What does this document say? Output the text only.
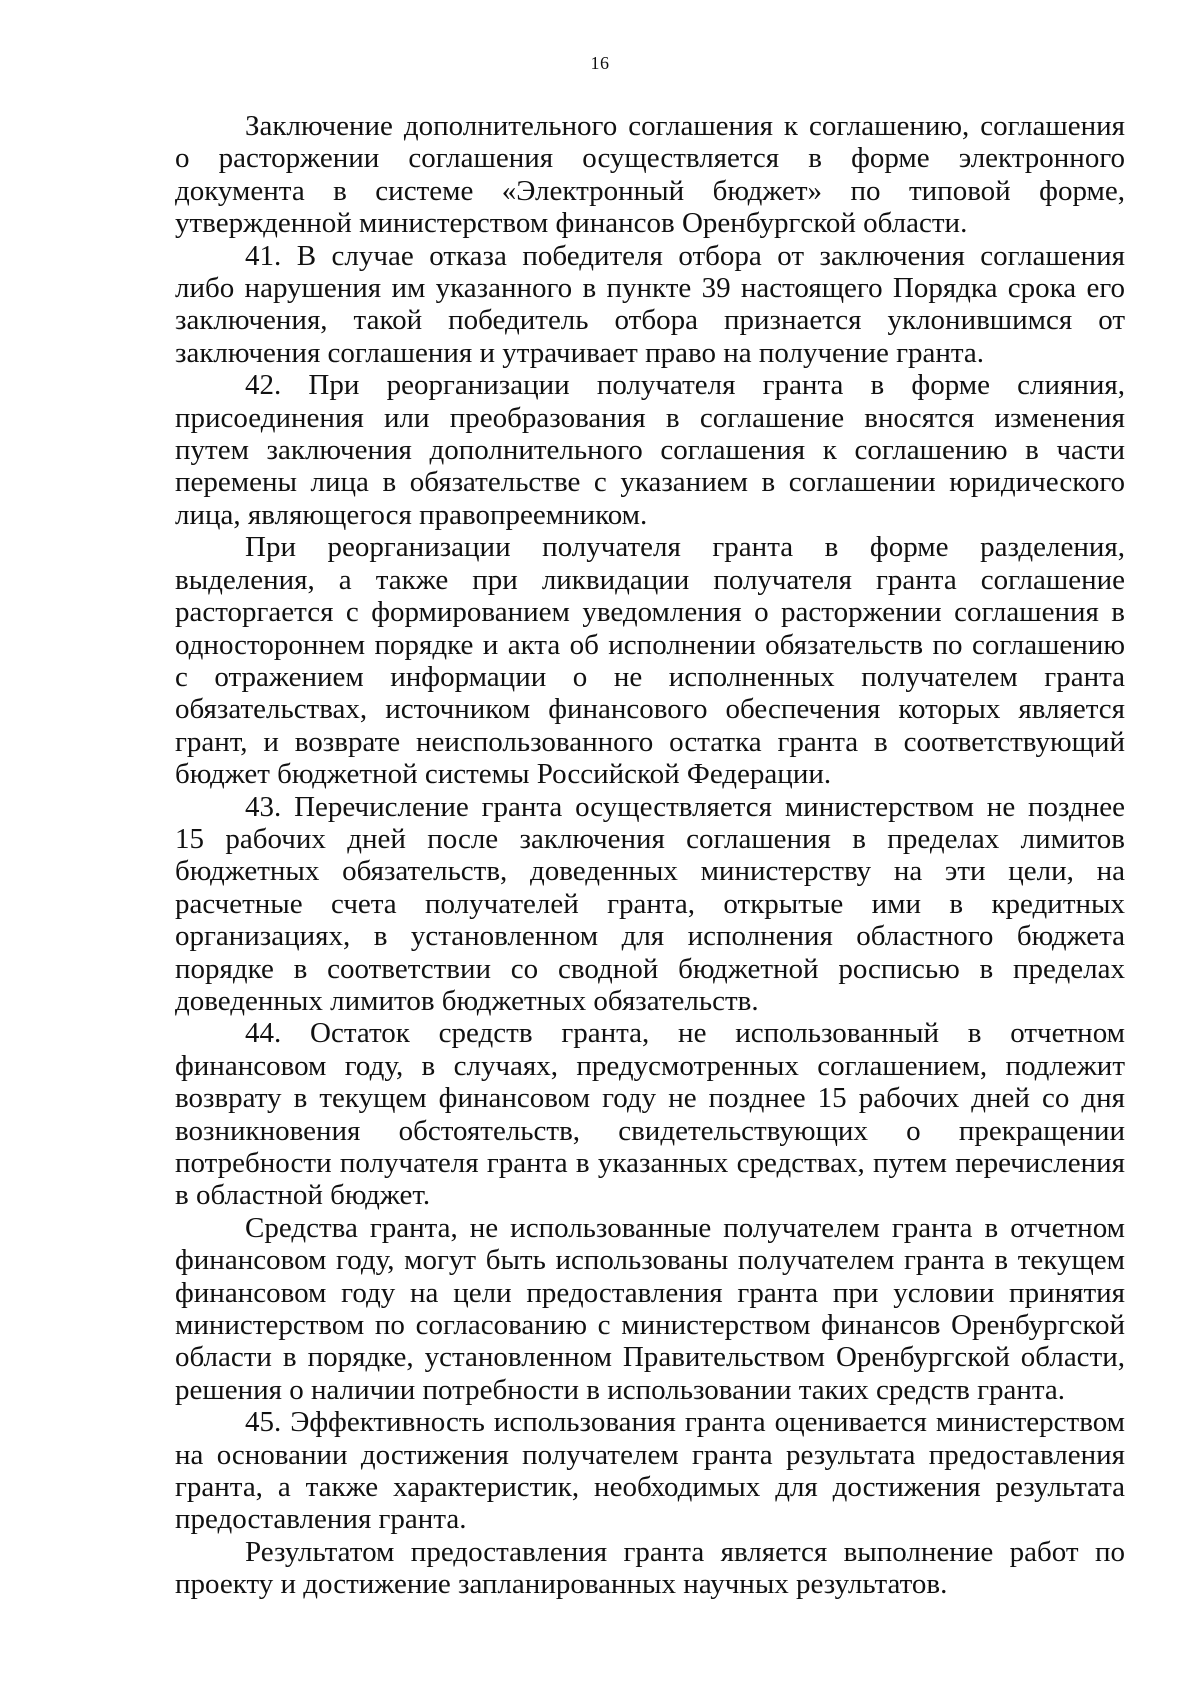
16

Заключение дополнительного соглашения к соглашению, соглашения о расторжении соглашения осуществляется в форме электронного документа в системе «Электронный бюджет» по типовой форме, утвержденной министерством финансов Оренбургской области.

41. В случае отказа победителя отбора от заключения соглашения либо нарушения им указанного в пункте 39 настоящего Порядка срока его заключения, такой победитель отбора признается уклонившимся от заключения соглашения и утрачивает право на получение гранта.

42. При реорганизации получателя гранта в форме слияния, присоединения или преобразования в соглашение вносятся изменения путем заключения дополнительного соглашения к соглашению в части перемены лица в обязательстве с указанием в соглашении юридического лица, являющегося правопреемником.

При реорганизации получателя гранта в форме разделения, выделения, а также при ликвидации получателя гранта соглашение расторгается с формированием уведомления о расторжении соглашения в одностороннем порядке и акта об исполнении обязательств по соглашению с отражением информации о не исполненных получателем гранта обязательствах, источником финансового обеспечения которых является грант, и возврате неиспользованного остатка гранта в соответствующий бюджет бюджетной системы Российской Федерации.

43. Перечисление гранта осуществляется министерством не позднее 15 рабочих дней после заключения соглашения в пределах лимитов бюджетных обязательств, доведенных министерству на эти цели, на расчетные счета получателей гранта, открытые ими в кредитных организациях, в установленном для исполнения областного бюджета порядке в соответствии со сводной бюджетной росписью в пределах доведенных лимитов бюджетных обязательств.

44. Остаток средств гранта, не использованный в отчетном финансовом году, в случаях, предусмотренных соглашением, подлежит возврату в текущем финансовом году не позднее 15 рабочих дней со дня возникновения обстоятельств, свидетельствующих о прекращении потребности получателя гранта в указанных средствах, путем перечисления в областной бюджет.

Средства гранта, не использованные получателем гранта в отчетном финансовом году, могут быть использованы получателем гранта в текущем финансовом году на цели предоставления гранта при условии принятия министерством по согласованию с министерством финансов Оренбургской области в порядке, установленном Правительством Оренбургской области, решения о наличии потребности в использовании таких средств гранта.

45. Эффективность использования гранта оценивается министерством на основании достижения получателем гранта результата предоставления гранта, а также характеристик, необходимых для достижения результата предоставления гранта.

Результатом предоставления гранта является выполнение работ по проекту и достижение запланированных научных результатов.
